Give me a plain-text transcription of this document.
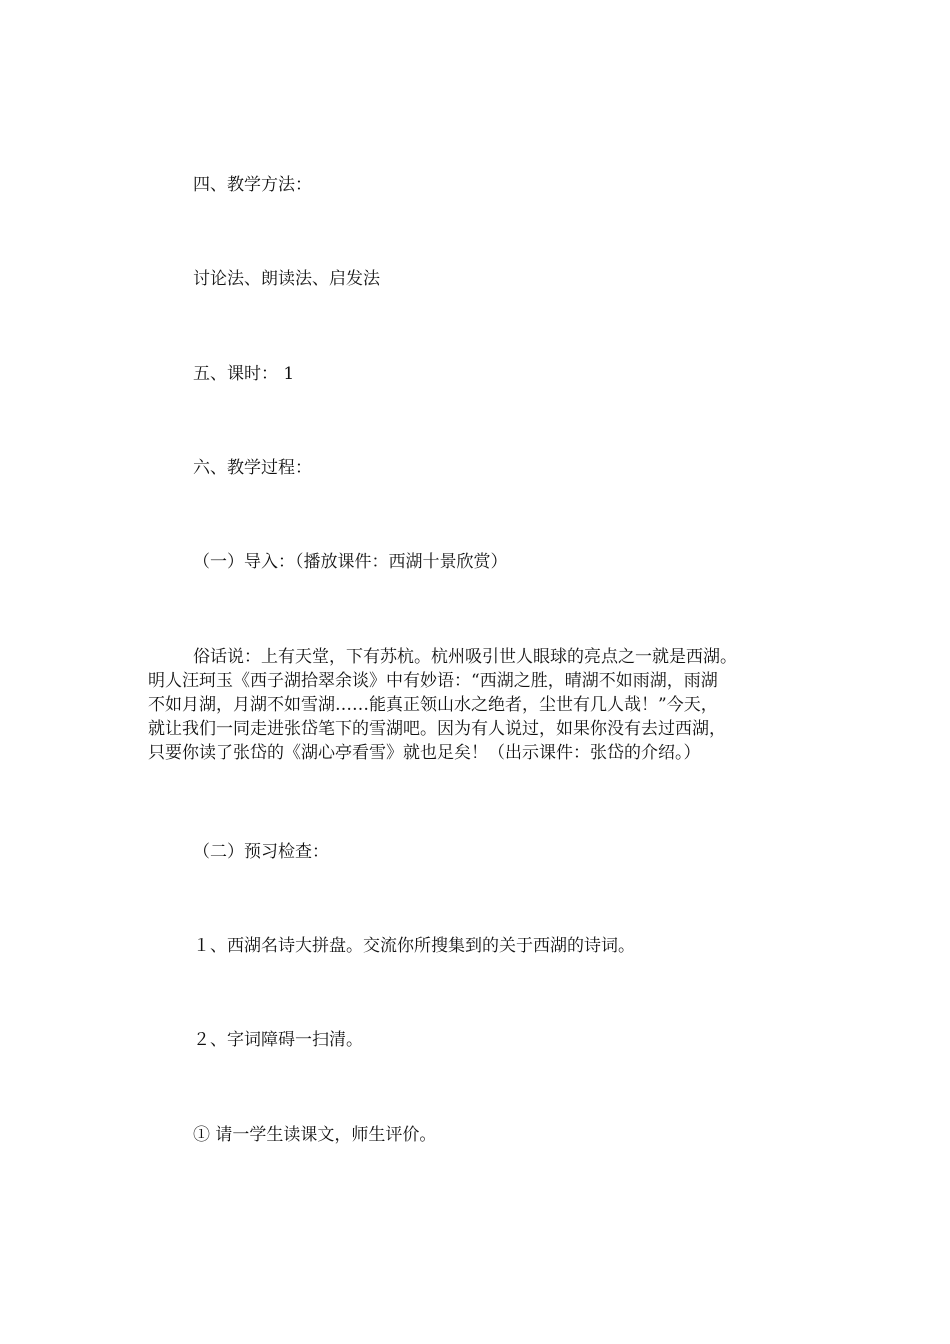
四、教学方法：
讨论法、朗读法、启发法
五、课时： 1
六、教学过程：
（一）导入：（播放课件：西湖十景欣赏）
俗话说：上有天堂，下有苏杭。杭州吸引世人眼球的亮点之一就是西湖。
明人汪珂玉《西子湖拾翠余谈》中有妙语：“西湖之胜，晴湖不如雨湖，雨湖
不如月湖，月湖不如雪湖……能真正领山水之绝者，尘世有几人哉！”今天，
就让我们一同走进张岱笔下的雪湖吧。因为有人说过，如果你没有去过西湖，
只要你读了张岱的《湖心亭看雪》就也足矣！（出示课件：张岱的介绍。）
（二）预习检查：
１、西湖名诗大拼盘。交流你所搜集到的关于西湖的诗词。
２、字词障碍一扫清。
① 请一学生读课文，师生评价。
